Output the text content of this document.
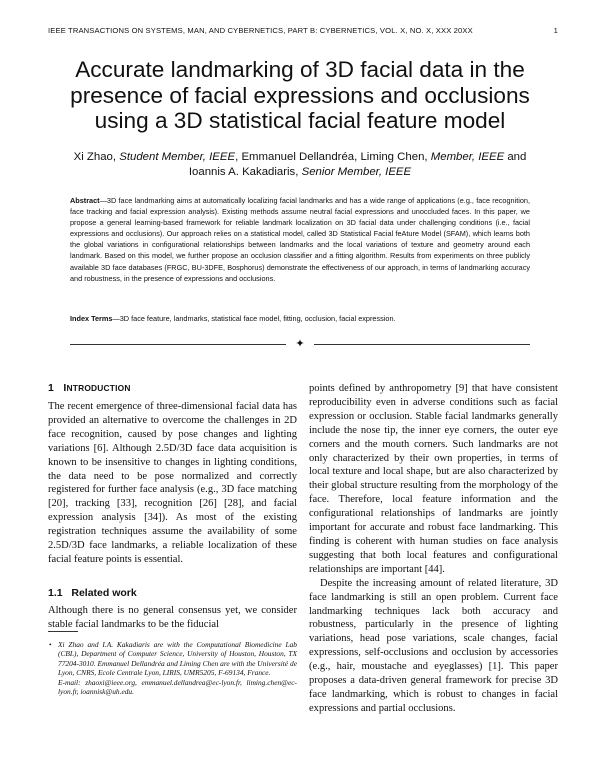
IEEE TRANSACTIONS ON SYSTEMS, MAN, AND CYBERNETICS, PART B: CYBERNETICS, VOL. X, NO. X, XXX 20XX	1
Accurate landmarking of 3D facial data in the
presence of facial expressions and occlusions
using a 3D statistical facial feature model
Xi Zhao, Student Member, IEEE, Emmanuel Dellandréa, Liming Chen, Member, IEEE and
Ioannis A. Kakadiaris, Senior Member, IEEE
Abstract—3D face landmarking aims at automatically localizing facial landmarks and has a wide range of applications (e.g., face recognition, face tracking and facial expression analysis). Existing methods assume neutral facial expressions and unoccluded faces. In this paper, we propose a general learning-based framework for reliable landmark localization on 3D facial data under challenging conditions (i.e., facial expressions and occlusions). Our approach relies on a statistical model, called 3D Statistical Facial feAture Model (SFAM), which learns both the global variations in configurational relationships between landmarks and the local variations of texture and geometry around each landmark. Based on this model, we further propose an occlusion classifier and a fitting algorithm. Results from experiments on three publicly available 3D face databases (FRGC, BU-3DFE, Bosphorus) demonstrate the effectiveness of our approach, in terms of landmarking accuracy and robustness, in the presence of expressions and occlusions.
Index Terms—3D face feature, landmarks, statistical face model, fitting, occlusion, facial expression.
✦
1 INTRODUCTION

The recent emergence of three-dimensional facial data has provided an alternative to overcome the challenges in 2D face recognition, caused by pose changes and lighting variations [6]. Although 2.5D/3D face data acquisition is known to be insensitive to changes in lighting conditions, the data need to be pose normalized and correctly registered for further face analysis (e.g., 3D face matching [20], tracking [33], recognition [26] [28], and facial expression analysis [34]). As most of the existing registration techniques assume the availability of some 2.5D/3D face landmarks, a reliable localization of these facial feature points is essential.

1.1 Related work

Although there is no general consensus yet, we consider stable facial landmarks to be the fiducial

• Xi Zhao and I.A. Kakadiaris are with the Computational Biomedicine Lab (CBL), Department of Computer Science, University of Houston, Houston, TX 77204-3010. Emmanuel Dellandréa and Liming Chen are with the Université de Lyon, CNRS, Ecole Centrale Lyon, LIRIS, UMR5205, F-69134, France.
E-mail: zhaoxi@ieee.org, emmanuel.dellandrea@ec-lyon.fr, liming.chen@ec-lyon.fr, ioannisk@uh.edu.

points defined by anthropometry [9] that have consistent reproducibility even in adverse conditions such as facial expression or occlusion. Stable facial landmarks generally include the nose tip, the inner eye corners, the outer eye corners and the mouth corners. Such landmarks are not only characterized by their own properties, in terms of local texture and local shape, but are also characterized by their global structure resulting from the morphology of the face. Therefore, local feature information and the configurational relationships of landmarks are jointly important for accurate and robust face landmarking. This finding is coherent with human studies on face analysis suggesting that both local features and configurational relationships are important [44].

Despite the increasing amount of related literature, 3D face landmarking is still an open problem. Current face landmarking techniques lack both accuracy and robustness, particularly in the presence of lighting variations, head pose variations, scale changes, facial expressions, self-occlusions and occlusion by accessories (e.g., hair, moustache and eyeglasses) [1]. This paper proposes a data-driven general framework for precise 3D face landmarking, which is robust to changes in facial expressions and partial occlusions.
